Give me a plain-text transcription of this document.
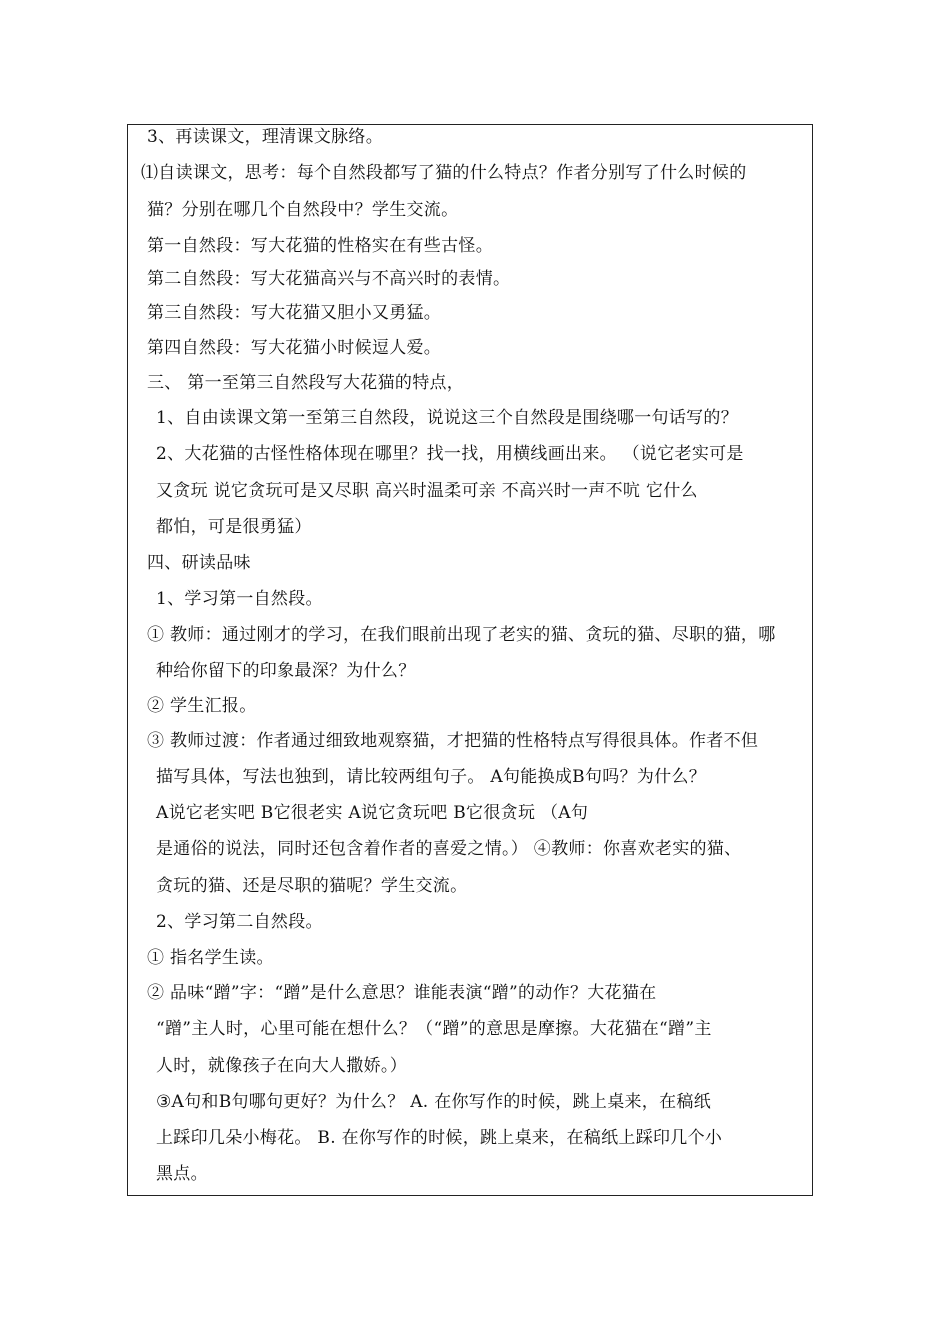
3、再读课文，理清课文脉络。
⑴自读课文，思考：每个自然段都写了猫的什么特点？作者分别写了什么时候的
猫？分别在哪几个自然段中？学生交流。
第一自然段：写大花猫的性格实在有些古怪。
第二自然段：写大花猫高兴与不高兴时的表情。
第三自然段：写大花猫又胆小又勇猛。
第四自然段：写大花猫小时候逗人爱。
三、 第一至第三自然段写大花猫的特点，
1、自由读课文第一至第三自然段，说说这三个自然段是围绕哪一句话写的？
2、大花猫的古怪性格体现在哪里？找一找，用横线画出来。 （说它老实可是
又贪玩 说它贪玩可是又尽职 高兴时温柔可亲 不高兴时一声不吭 它什么
都怕，可是很勇猛）
四、研读品味
1、学习第一自然段。
① 教师：通过刚才的学习，在我们眼前出现了老实的猫、贪玩的猫、尽职的猫，哪
种给你留下的印象最深？为什么？
② 学生汇报。
③ 教师过渡：作者通过细致地观察猫，才把猫的性格特点写得很具体。作者不但
描写具体，写法也独到，请比较两组句子。 A句能换成B句吗？为什么？
A说它老实吧 B它很老实 A说它贪玩吧 B它很贪玩 （A句
是通俗的说法，同时还包含着作者的喜爱之情。） ④教师：你喜欢老实的猫、
贪玩的猫、还是尽职的猫呢？学生交流。
2、学习第二自然段。
① 指名学生读。
② 品味“蹭”字：“蹭”是什么意思？谁能表演“蹭”的动作？大花猫在
“蹭”主人时，心里可能在想什么？（“蹭”的意思是摩擦。大花猫在“蹭”主
人时，就像孩子在向大人撒娇。）
③A句和B句哪句更好？为什么？ A. 在你写作的时候，跳上桌来，在稿纸
上踩印几朵小梅花。 B. 在你写作的时候，跳上桌来，在稿纸上踩印几个小
黑点。
